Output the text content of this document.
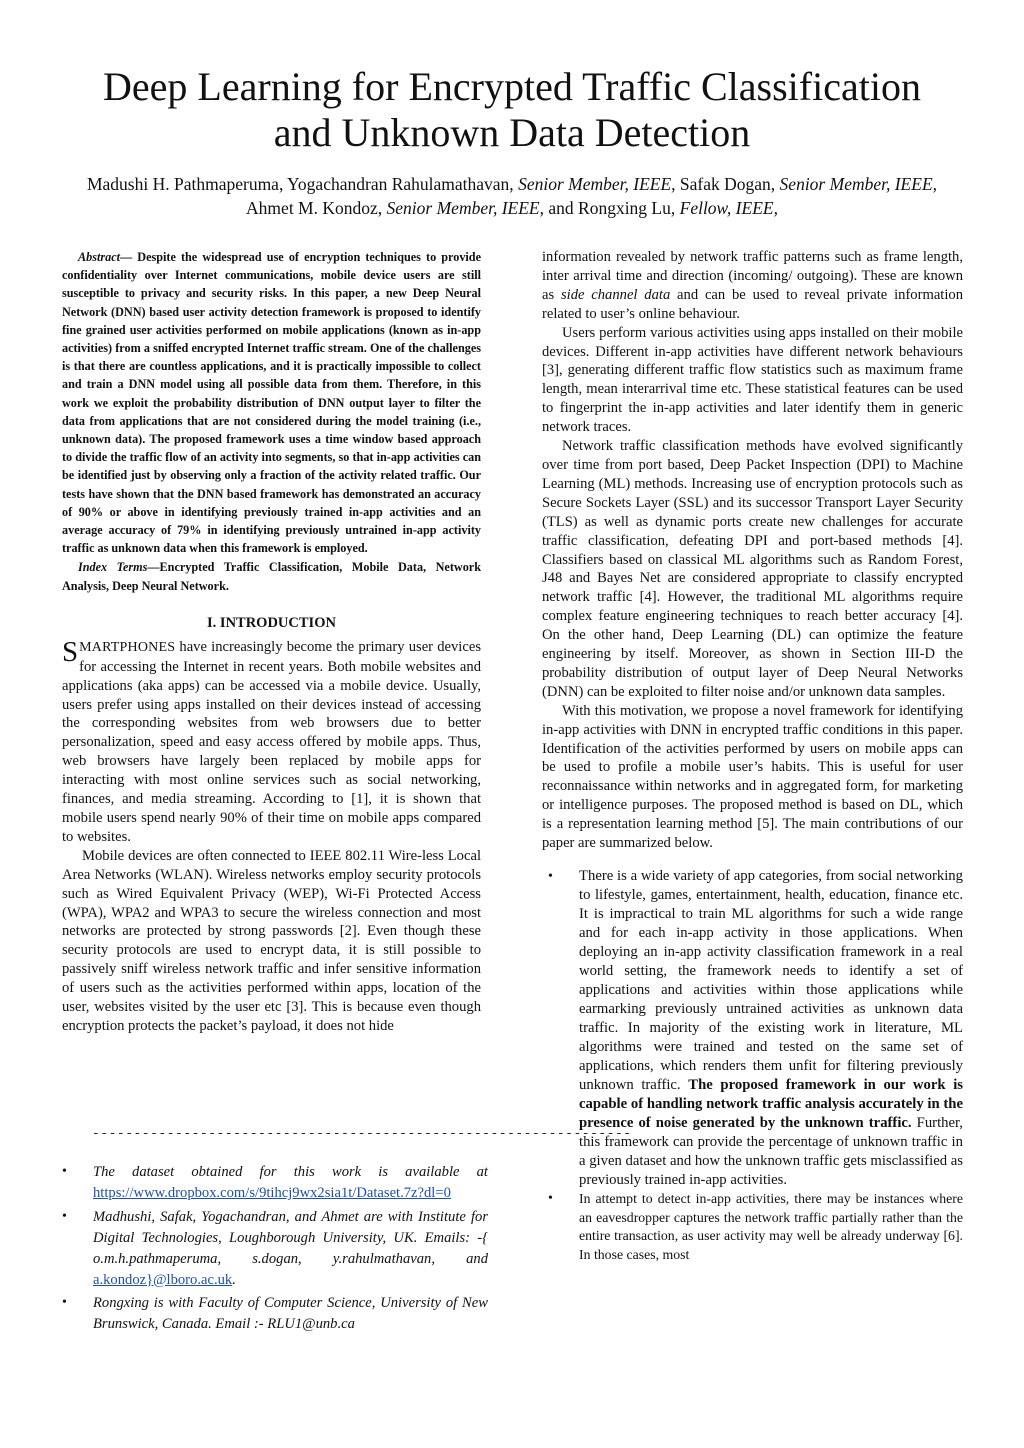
Deep Learning for Encrypted Traffic Classification
and Unknown Data Detection
Madushi H. Pathmaperuma, Yogachandran Rahulamathavan, Senior Member, IEEE, Safak Dogan, Senior Member, IEEE, Ahmet M. Kondoz, Senior Member, IEEE, and Rongxing Lu, Fellow, IEEE,

Abstract— Despite the widespread use of encryption techniques to provide confidentiality over Internet communications, mobile device users are still susceptible to privacy and security risks. In this paper, a new Deep Neural Network (DNN) based user activity detection framework is proposed to identify fine grained user activities performed on mobile applications (known as in-app activities) from a sniffed encrypted Internet traffic stream. One of the challenges is that there are countless applications, and it is practically impossible to collect and train a DNN model using all possible data from them. Therefore, in this work we exploit the probability distribution of DNN output layer to filter the data from applications that are not considered during the model training (i.e., unknown data). The proposed framework uses a time window based approach to divide the traffic flow of an activity into segments, so that in-app activities can be identified just by observing only a fraction of the activity related traffic. Our tests have shown that the DNN based framework has demonstrated an accuracy of 90% or above in identifying previously trained in-app activities and an average accuracy of 79% in identifying previously untrained in-app activity traffic as unknown data when this framework is employed.

Index Terms—Encrypted Traffic Classification, Mobile Data, Network Analysis, Deep Neural Network.

I. INTRODUCTION

SMARTPHONES have increasingly become the primary user devices for accessing the Internet in recent years. Both mobile websites and applications (aka apps) can be accessed via a mobile device. Usually, users prefer using apps installed on their devices instead of accessing the corresponding websites from web browsers due to better personalization, speed and easy access offered by mobile apps. Thus, web browsers have largely been replaced by mobile apps for interacting with most online services such as social networking, finances, and media streaming. According to [1], it is shown that mobile users spend nearly 90% of their time on mobile apps compared to websites.

Mobile devices are often connected to IEEE 802.11 Wire-less Local Area Networks (WLAN). Wireless networks employ security protocols such as Wired Equivalent Privacy (WEP), Wi-Fi Protected Access (WPA), WPA2 and WPA3 to secure the wireless connection and most networks are protected by strong passwords [2]. Even though these security protocols are used to encrypt data, it is still possible to passively sniff wireless network traffic and infer sensitive information of users such as the activities performed within apps, location of the user, websites visited by the user etc [3]. This is because even though encryption protects the packet’s payload, it does not hide

-----------------------------------------------------------------
• The dataset obtained for this work is available at https://www.dropbox.com/s/9tihcj9wx2sia1t/Dataset.7z?dl=0
• Madhushi, Safak, Yogachandran, and Ahmet are with Institute for Digital Technologies, Loughborough University, UK. Emails: -{ o.m.h.pathmaperuma, s.dogan, y.rahulmathavan, and a.kondoz}@lboro.ac.uk.
• Rongxing is with Faculty of Computer Science, University of New Brunswick, Canada. Email :- RLU1@unb.ca

information revealed by network traffic patterns such as frame length, inter arrival time and direction (incoming/ outgoing). These are known as side channel data and can be used to reveal private information related to user’s online behaviour.

Users perform various activities using apps installed on their mobile devices. Different in-app activities have different network behaviours [3], generating different traffic flow statistics such as maximum frame length, mean interarrival time etc. These statistical features can be used to fingerprint the in-app activities and later identify them in generic network traces.

Network traffic classification methods have evolved significantly over time from port based, Deep Packet Inspection (DPI) to Machine Learning (ML) methods. Increasing use of encryption protocols such as Secure Sockets Layer (SSL) and its successor Transport Layer Security (TLS) as well as dynamic ports create new challenges for accurate traffic classification, defeating DPI and port-based methods [4]. Classifiers based on classical ML algorithms such as Random Forest, J48 and Bayes Net are considered appropriate to classify encrypted network traffic [4]. However, the traditional ML algorithms require complex feature engineering techniques to reach better accuracy [4]. On the other hand, Deep Learning (DL) can optimize the feature engineering by itself. Moreover, as shown in Section III-D the probability distribution of output layer of Deep Neural Networks (DNN) can be exploited to filter noise and/or unknown data samples.

With this motivation, we propose a novel framework for identifying in-app activities with DNN in encrypted traffic conditions in this paper. Identification of the activities performed by users on mobile apps can be used to profile a mobile user’s habits. This is useful for user reconnaissance within networks and in aggregated form, for marketing or intelligence purposes. The proposed method is based on DL, which is a representation learning method [5]. The main contributions of our paper are summarized below.

• There is a wide variety of app categories, from social networking to lifestyle, games, entertainment, health, education, finance etc. It is impractical to train ML algorithms for such a wide range and for each in-app activity in those applications. When deploying an in-app activity classification framework in a real world setting, the framework needs to identify a set of applications and activities within those applications while earmarking previously untrained activities as unknown data traffic. In majority of the existing work in literature, ML algorithms were trained and tested on the same set of applications, which renders them unfit for filtering previously unknown traffic. The proposed framework in our work is capable of handling network traffic analysis accurately in the presence of noise generated by the unknown traffic. Further, this framework can provide the percentage of unknown traffic in a given dataset and how the unknown traffic gets misclassified as previously trained in-app activities.
• In attempt to detect in-app activities, there may be instances where an eavesdropper captures the network traffic partially rather than the entire transaction, as user activity may well be already underway [6]. In those cases, most
